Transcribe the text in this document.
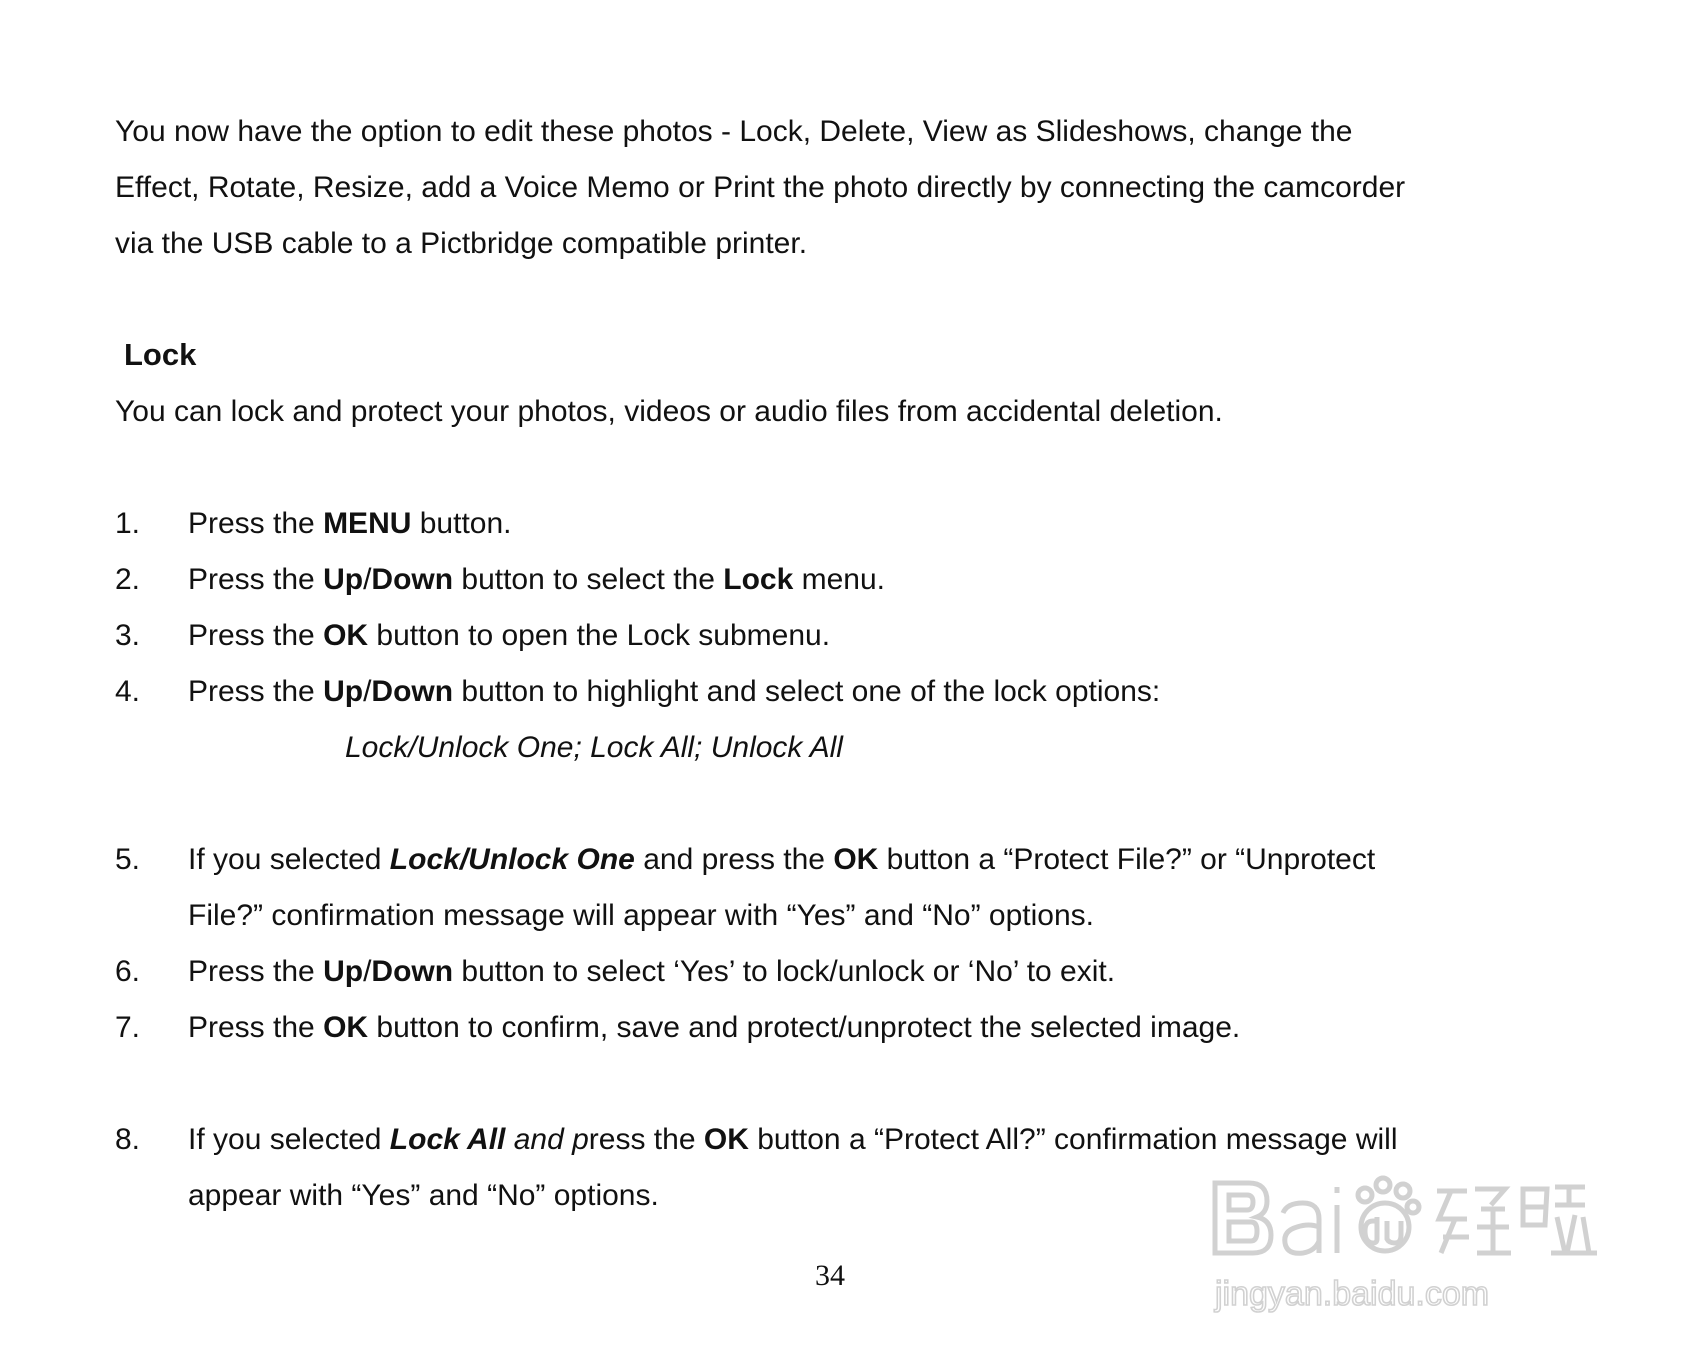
You now have the option to edit these photos - Lock, Delete, View as Slideshows, change the
Effect, Rotate, Resize, add a Voice Memo or Print the photo directly by connecting the camcorder
via the USB cable to a Pictbridge compatible printer.
Lock
You can lock and protect your photos, videos or audio files from accidental deletion.
1. Press the MENU button.
2. Press the Up/Down button to select the Lock menu.
3. Press the OK button to open the Lock submenu.
4. Press the Up/Down button to highlight and select one of the lock options:
Lock/Unlock One; Lock All; Unlock All
5. If you selected Lock/Unlock One and press the OK button a “Protect File?” or “Unprotect
File?” confirmation message will appear with “Yes” and “No” options.
6. Press the Up/Down button to select ‘Yes’ to lock/unlock or ‘No’ to exit.
7. Press the OK button to confirm, save and protect/unprotect the selected image.
8. If you selected Lock All and press the OK button a “Protect All?” confirmation message will
appear with “Yes” and “No” options.
34	jingyan.baidu.com
